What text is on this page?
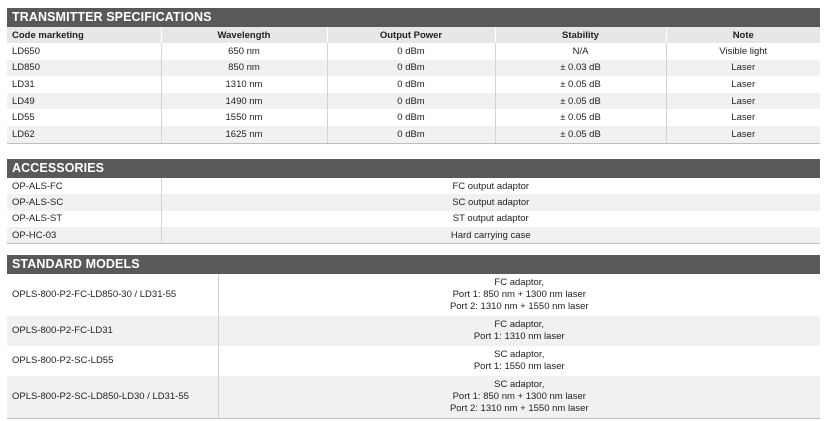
TRANSMITTER SPECIFICATIONS
Code marketing	Wavelength	Output Power	Stability	Note
LD650	650 nm	0 dBm	N/A	Visible light
LD850	850 nm	0 dBm	± 0.03 dB	Laser
LD31	1310 nm	0 dBm	± 0.05 dB	Laser
LD49	1490 nm	0 dBm	± 0.05 dB	Laser
LD55	1550 nm	0 dBm	± 0.05 dB	Laser
LD62	1625 nm	0 dBm	± 0.05 dB	Laser
ACCESSORIES
OP-ALS-FC	FC output adaptor
OP-ALS-SC	SC output adaptor
OP-ALS-ST	ST output adaptor
OP-HC-03	Hard carrying case
STANDARD MODELS
OPLS-800-P2-FC-LD850-30 / LD31-55	FC adaptor,
Port 1: 850 nm + 1300 nm laser
Port 2: 1310 nm + 1550 nm laser

OPLS-800-P2-FC-LD31	FC adaptor,
Port 1: 1310 nm laser

OPLS-800-P2-SC-LD55	SC adaptor,
Port 1: 1550 nm laser

OPLS-800-P2-SC-LD850-LD30 / LD31-55	SC adaptor,
Port 1: 850 nm + 1300 nm laser
Port 2: 1310 nm + 1550 nm laser
